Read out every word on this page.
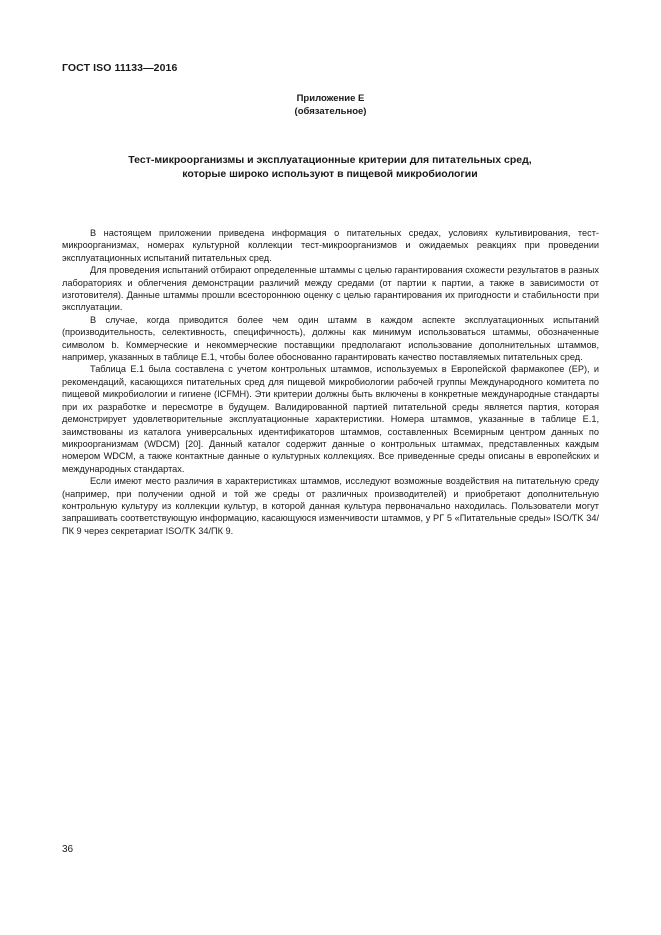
ГОСТ ISO 11133—2016
Приложение Е
(обязательное)
Тест-микроорганизмы и эксплуатационные критерии для питательных сред,
которые широко используют в пищевой микробиологии

В настоящем приложении приведена информация о питательных средах, условиях культивирования, тест-микроорганизмах, номерах культурной коллекции тест-микроорганизмов и ожидаемых реакциях при проведении эксплуатационных испытаний питательных сред.

Для проведения испытаний отбирают определенные штаммы с целью гарантирования схожести результатов в разных лабораториях и облегчения демонстрации различий между средами (от партии к партии, а также в зависимости от изготовителя). Данные штаммы прошли всестороннюю оценку с целью гарантирования их пригодности и стабильности при эксплуатации.

В случае, когда приводится более чем один штамм в каждом аспекте эксплуатационных испытаний (производительность, селективность, специфичность), должны как минимум использоваться штаммы, обозначенные символом b. Коммерческие и некоммерческие поставщики предполагают использование дополнительных штаммов, например, указанных в таблице Е.1, чтобы более обоснованно гарантировать качество поставляемых питательных сред.

Таблица Е.1 была составлена с учетом контрольных штаммов, используемых в Европейской фармакопее (ЕР), и рекомендаций, касающихся питательных сред для пищевой микробиологии рабочей группы Международного комитета по пищевой микробиологии и гигиене (ICFMH). Эти критерии должны быть включены в конкретные международные стандарты при их разработке и пересмотре в будущем. Валидированной партией питательной среды является партия, которая демонстрирует удовлетворительные эксплуатационные характеристики. Номера штаммов, указанные в таблице Е.1, заимствованы из каталога универсальных идентификаторов штаммов, составленных Всемирным центром данных по микроорганизмам (WDCM) [20]. Данный каталог содержит данные о контрольных штаммах, представленных каждым номером WDCM, а также контактные данные о культурных коллекциях. Все приведенные среды описаны в европейских и международных стандартах.

Если имеют место различия в характеристиках штаммов, исследуют возможные воздействия на питательную среду (например, при получении одной и той же среды от различных производителей) и приобретают дополнительную контрольную культуру из коллекции культур, в которой данная культура первоначально находилась. Пользователи могут запрашивать соответствующую информацию, касающуюся изменчивости штаммов, у РГ 5 «Питательные среды» ISO/TK 34/ПК 9 через секретариат ISO/TK 34/ПК 9.

36
